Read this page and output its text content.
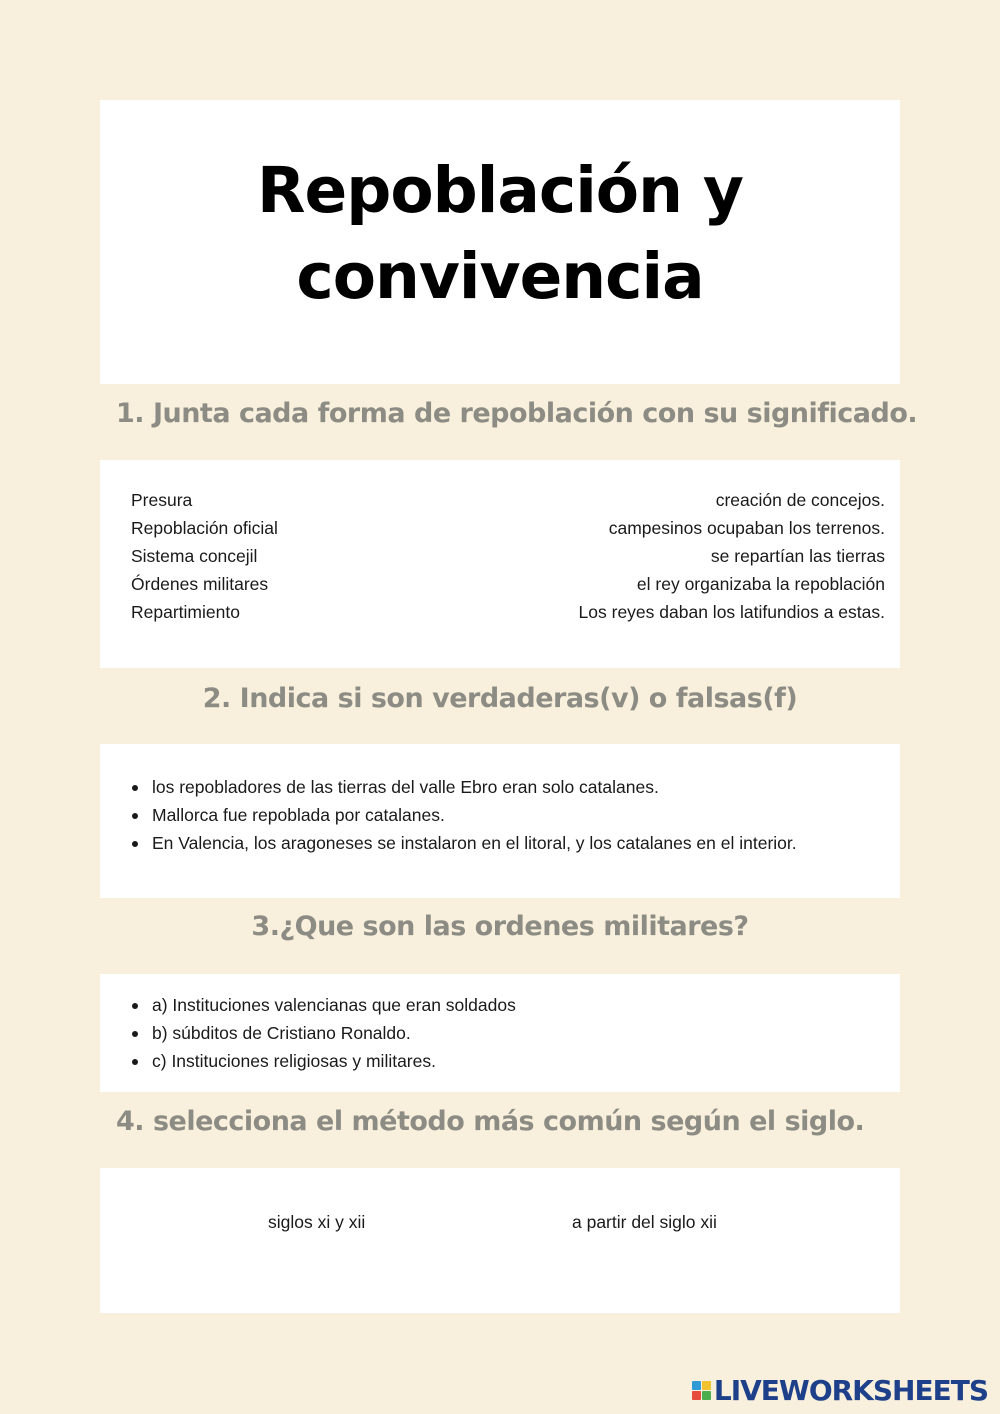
Repoblación y
convivencia
1. Junta cada forma de repoblación con su significado.
Presura	creación de concejos.
Repoblación oficial	campesinos ocupaban los terrenos.
Sistema concejil	se repartían las tierras
Órdenes militares	el rey organizaba la repoblación
Repartimiento	Los reyes daban los latifundios a estas.
2. Indica si son verdaderas(v) o falsas(f)
los repobladores de las tierras del valle Ebro eran solo catalanes.
Mallorca fue repoblada por catalanes.
En Valencia, los aragoneses se instalaron en el litoral, y los catalanes en el interior.
3.¿Que son las ordenes militares?
a) Instituciones valencianas que eran soldados
b) súbditos de Cristiano Ronaldo.
c) Instituciones religiosas y militares.
4. selecciona el método más común según el siglo.
siglos xi y xii	a partir del siglo xii
LIVEWORKSHEETS
